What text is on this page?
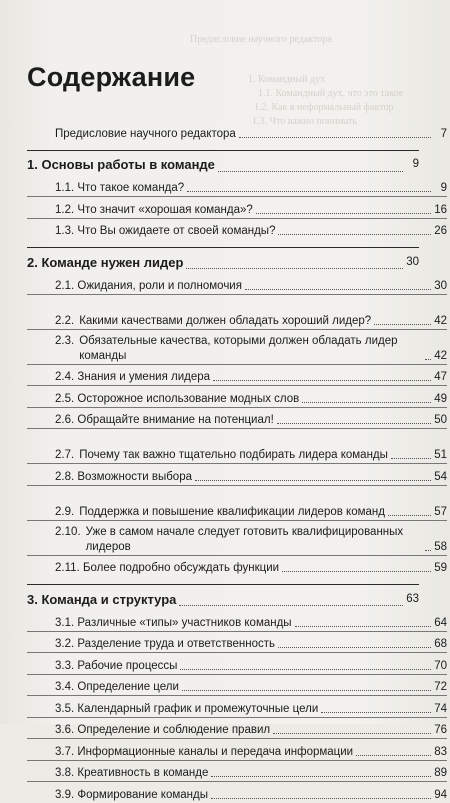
Предисловие научного редактора
1. Командный дух
1.1. Командный дух, что это такое
1.2. Как в неформальный фактор
1.3. Что важно понимать
Содержание
Предисловие научного редактора	7
1. Основы работы в команде	9
1.1. Что такое команда?	9
1.2. Что значит «хорошая команда»?	16
1.3. Что Вы ожидаете от своей команды?	26
2. Команде нужен лидер	30
2.1. Ожидания, роли и полномочия	30
2.2. Какими качествами должен обладать хороший лидер?	42
2.3. Обязательные качества, которыми должен обладать лидер команды	42
2.4. Знания и умения лидера	47
2.5. Осторожное использование модных слов	49
2.6. Обращайте внимание на потенциал!	50
2.7. Почему так важно тщательно подбирать лидера команды	51
2.8. Возможности выбора	54
2.9. Поддержка и повышение квалификации лидеров команд	57
2.10. Уже в самом начале следует готовить квалифицированных лидеров	58
2.11. Более подробно обсуждать функции	59
3. Команда и структура	63
3.1. Различные «типы» участников команды	64
3.2. Разделение труда и ответственность	68
3.3. Рабочие процессы	70
3.4. Определение цели	72
3.5. Календарный график и промежуточные цели	74
3.6. Определение и соблюдение правил	76
3.7. Информационные каналы и передача информации	83
3.8. Креативность в команде	89
3.9. Формирование команды	94
